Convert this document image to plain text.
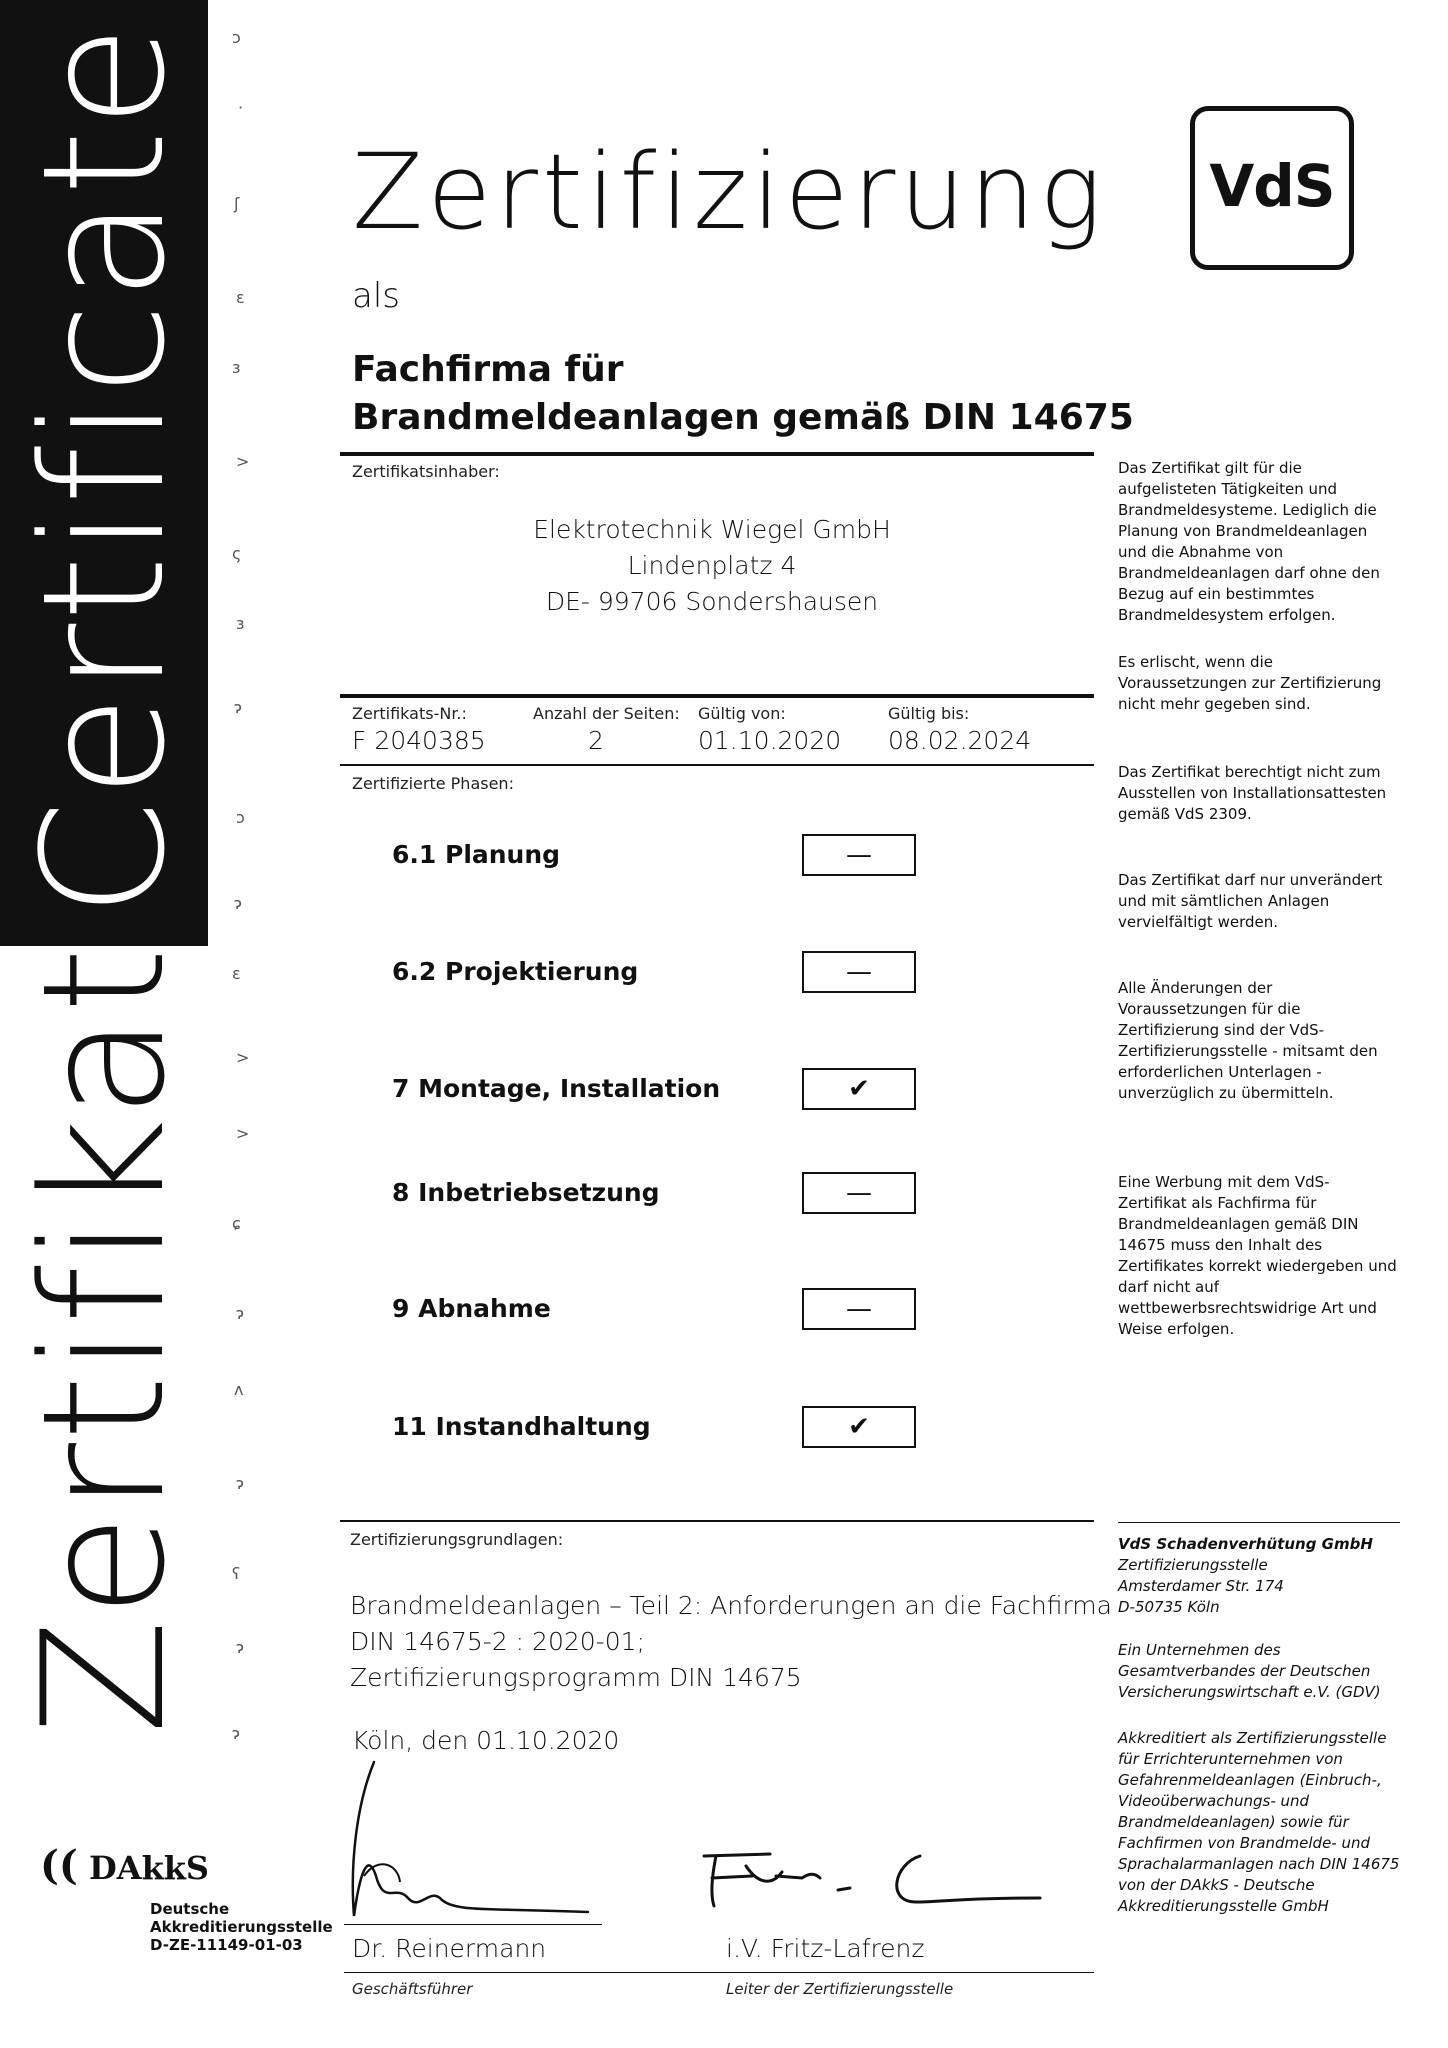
Certificate
Zertifikat
ɔ
·
ʃ
ɛ
ɜ
>
ς
ɜ
ɂ
ɔ
ɂ
ɛ
>
>
ɕ
ɂ
ʌ
ɂ
ʕ
ɂ
ɂ
Zertifizierung
als
Fachfirma für
Brandmeldeanlagen gemäß DIN 14675
VdS
Zertifikatsinhaber:
Elektrotechnik Wiegel GmbH
Lindenplatz 4
DE- 99706 Sondershausen
Zertifikats-Nr.:	Anzahl der Seiten: Gültig von:	Gültig bis:
F 2040385	2	01.10.2020 08.02.2024
Zertifizierte Phasen:
6.1 Planung	—
6.2 Projektierung	—
7 Montage, Installation	✔
8 Inbetriebsetzung	—
9 Abnahme	—
11 Instandhaltung	✔
Zertifizierungsgrundlagen:
Brandmeldeanlagen – Teil 2: Anforderungen an die Fachfirma
DIN 14675-2 : 2020-01;
Zertifizierungsprogramm DIN 14675
Köln, den 01.10.2020
Dr. Reinermann	i.V. Fritz-Lafrenz
Geschäftsführer	Leiter der Zertifizierungsstelle
(( DAkkS
Deutsche
Akkreditierungsstelle
D-ZE-11149-01-03
Das Zertifikat gilt für die aufgelisteten Tätigkeiten und Brandmeldesysteme. Lediglich die Planung von Brandmeldeanlagen und die Abnahme von Brandmeldeanlagen darf ohne den Bezug auf ein bestimmtes Brandmeldesystem erfolgen.
Es erlischt, wenn die Voraussetzungen zur Zertifizierung nicht mehr gegeben sind.
Das Zertifikat berechtigt nicht zum Ausstellen von Installationsattesten gemäß VdS 2309.
Das Zertifikat darf nur unverändert und mit sämtlichen Anlagen vervielfältigt werden.
Alle Änderungen der Voraussetzungen für die Zertifizierung sind der VdS-Zertifizierungsstelle - mitsamt den erforderlichen Unterlagen - unverzüglich zu übermitteln.
Eine Werbung mit dem VdS-Zertifikat als Fachfirma für Brandmeldeanlagen gemäß DIN 14675 muss den Inhalt des Zertifikates korrekt wiedergeben und darf nicht auf wettbewerbsrechtswidrige Art und Weise erfolgen.
VdS Schadenverhütung GmbH
Zertifizierungsstelle
Amsterdamer Str. 174
D-50735 Köln
Ein Unternehmen des Gesamtverbandes der Deutschen Versicherungswirtschaft e.V. (GDV)
Akkreditiert als Zertifizierungsstelle für Errichterunternehmen von Gefahrenmeldeanlagen (Einbruch-, Videoüberwachungs- und Brandmeldeanlagen) sowie für Fachfirmen von Brandmelde- und Sprachalarmanlagen nach DIN 14675 von der DAkkS - Deutsche Akkreditierungsstelle GmbH
